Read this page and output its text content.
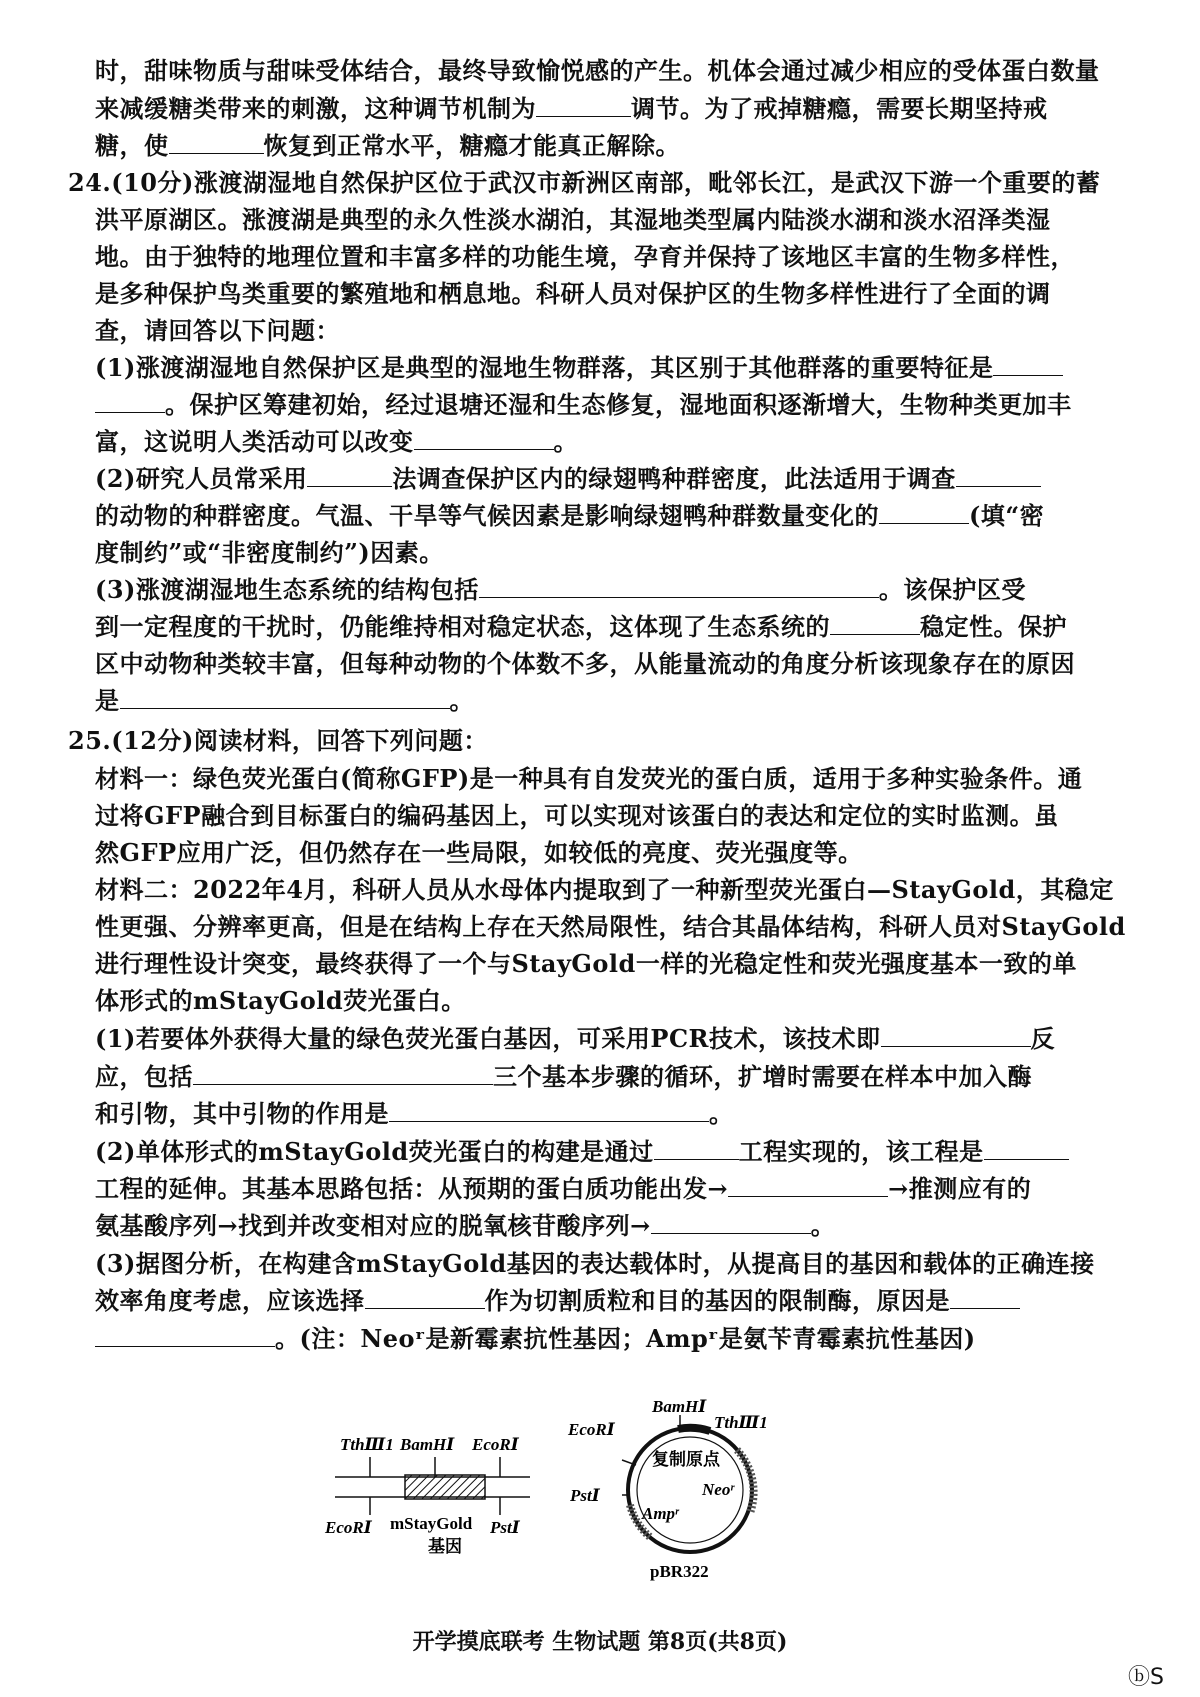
时，甜味物质与甜味受体结合，最终导致愉悦感的产生。机体会通过减少相应的受体蛋白数量
来减缓糖类带来的刺激，这种调节机制为	调节。为了戒掉糖瘾，需要长期坚持戒
糖，使	恢复到正常水平，糖瘾才能真正解除。
24.(10分)涨渡湖湿地自然保护区位于武汉市新洲区南部，毗邻长江，是武汉下游一个重要的蓄
洪平原湖区。涨渡湖是典型的永久性淡水湖泊，其湿地类型属内陆淡水湖和淡水沼泽类湿
地。由于独特的地理位置和丰富多样的功能生境，孕育并保持了该地区丰富的生物多样性，
是多种保护鸟类重要的繁殖地和栖息地。科研人员对保护区的生物多样性进行了全面的调
查，请回答以下问题：
(1)涨渡湖湿地自然保护区是典型的湿地生物群落，其区别于其他群落的重要特征是
。保护区筹建初始，经过退塘还湿和生态修复，湿地面积逐渐增大，生物种类更加丰
富，这说明人类活动可以改变	。
(2)研究人员常采用	法调查保护区内的绿翅鸭种群密度，此法适用于调查
的动物的种群密度。气温、干旱等气候因素是影响绿翅鸭种群数量变化的	(填“密
度制约”或“非密度制约”)因素。
(3)涨渡湖湿地生态系统的结构包括	。该保护区受
到一定程度的干扰时，仍能维持相对稳定状态，这体现了生态系统的	稳定性。保护
区中动物种类较丰富，但每种动物的个体数不多，从能量流动的角度分析该现象存在的原因
是	。
25.(12分)阅读材料，回答下列问题：
材料一：绿色荧光蛋白(简称GFP)是一种具有自发荧光的蛋白质，适用于多种实验条件。通
过将GFP融合到目标蛋白的编码基因上，可以实现对该蛋白的表达和定位的实时监测。虽
然GFP应用广泛，但仍然存在一些局限，如较低的亮度、荧光强度等。
材料二：2022年4月，科研人员从水母体内提取到了一种新型荧光蛋白—StayGold，其稳定
性更强、分辨率更高，但是在结构上存在天然局限性，结合其晶体结构，科研人员对StayGold
进行理性设计突变，最终获得了一个与StayGold一样的光稳定性和荧光强度基本一致的单
体形式的mStayGold荧光蛋白。
(1)若要体外获得大量的绿色荧光蛋白基因，可采用PCR技术，该技术即	反
应，包括	三个基本步骤的循环，扩增时需要在样本中加入酶
和引物，其中引物的作用是	。
(2)单体形式的mStayGold荧光蛋白的构建是通过	工程实现的，该工程是
工程的延伸。其基本思路包括：从预期的蛋白质功能出发→	→推测应有的
氨基酸序列→找到并改变相对应的脱氧核苷酸序列→	。
(3)据图分析，在构建含mStayGold基因的表达载体时，从提高目的基因和载体的正确连接
效率角度考虑，应该选择	作为切割质粒和目的基因的限制酶，原因是
。(注：Neoʳ是新霉素抗性基因；Ampʳ是氨苄青霉素抗性基因)
TthⅢ1 BamHⅠ EcoRⅠ
EcoRⅠ mStayGold
基因
PstⅠ
BamHⅠ
EcoRⅠ	TthⅢ1
复制原点
Neoʳ
Ampʳ
PstⅠ
pBR322
开学摸底联考 生物试题 第8页(共8页)
ⓑS
